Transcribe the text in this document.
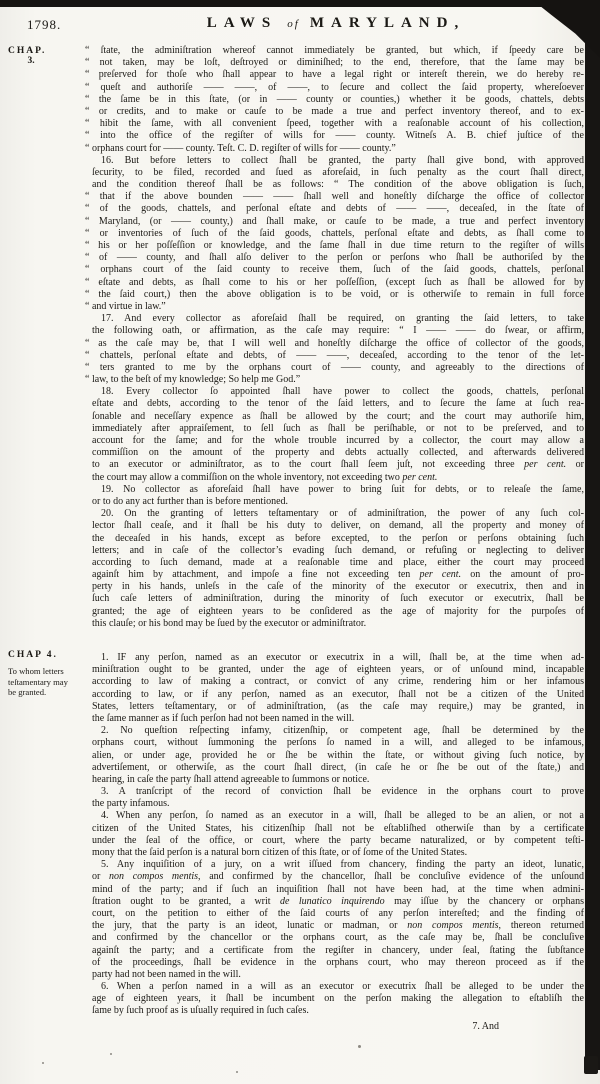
1798.	LAWS of MARYLAND,
CHAP.
3.
CHAP 4.
To whom letters teſtamentary may be granted.
“ ſtate, the adminiſtration whereof cannot immediately be granted, but which, if ſpeedy care be
“ not taken, may be loſt, deſtroyed or diminiſhed; to the end, therefore, that the ſame may be
“ preſerved for thoſe who ſhall appear to have a legal right or intereſt therein, we do hereby re-
“ queſt and authoriſe —— ——, of ——, to ſecure and collect the ſaid property, whereſoever
“ the ſame be in this ſtate, (or in —— county or counties,) whether it be goods, chattels, debts
“ or credits, and to make or cauſe to be made a true and perfect inventory thereof, and to ex-
“ hibit the ſame, with all convenient ſpeed, together with a reaſonable account of his collection,
“ into the office of the regiſter of wills for —— county. Witneſs A. B. chief juſtice of the
“ orphans court for —— county. Teſt. C. D. regiſter of wills for —— county.”
16. But before letters to collect ſhall be granted, the party ſhall give bond, with approved
ſecurity, to be filed, recorded and ſued as aforeſaid, in ſuch penalty as the court ſhall direct,
and the condition thereof ſhall be as follows: “ The condition of the above obligation is ſuch,
“ that if the above bounden —— —— ſhall well and honeſtly diſcharge the office of collector
“ of the goods, chattels, and perſonal eſtate and debts of —— ——, deceaſed, in the ſtate of
“ Maryland, (or —— county,) and ſhall make, or cauſe to be made, a true and perfect inventory
“ or inventories of ſuch of the ſaid goods, chattels, perſonal eſtate and debts, as ſhall come to
“ his or her poſſeſſion or knowledge, and the ſame ſhall in due time return to the regiſter of wills
“ of —— county, and ſhall alſo deliver to the perſon or perſons who ſhall be authoriſed by the
“ orphans court of the ſaid county to receive them, ſuch of the ſaid goods, chattels, perſonal
“ eſtate and debts, as ſhall come to his or her poſſeſſion, (except ſuch as ſhall be allowed for by
“ the ſaid court,) then the above obligation is to be void, or is otherwiſe to remain in full force
“ and virtue in law.”
17. And every collector as aforeſaid ſhall be required, on granting the ſaid letters, to take
the following oath, or affirmation, as the caſe may require: “ I —— —— do ſwear, or affirm,
“ as the caſe may be, that I will well and honeſtly diſcharge the office of collector of the goods,
“ chattels, perſonal eſtate and debts, of —— ——, deceaſed, according to the tenor of the let-
“ ters granted to me by the orphans court of —— county, and agreeably to the directions of
“ law, to the beſt of my knowledge; So help me God.”
18. Every collector ſo appointed ſhall have power to collect the goods, chattels, perſonal
eſtate and debts, according to the tenor of the ſaid letters, and to ſecure the ſame at ſuch rea-
ſonable and neceſſary expence as ſhall be allowed by the court; and the court may authoriſe him,
immediately after appraiſement, to ſell ſuch as ſhall be periſhable, or not to be preſerved, and to
account for the ſame; and for the whole trouble incurred by a collector, the court may allow a
commiſſion on the amount of the property and debts actually collected, and afterwards delivered
to an executor or adminiſtrator, as to the court ſhall ſeem juſt, not exceeding three per cent. or
the court may allow a commiſſion on the whole inventory, not exceeding two per cent.
19. No collector as aforeſaid ſhall have power to bring ſuit for debts, or to releaſe the ſame,
or to do any act further than is before mentioned.
20. On the granting of letters teſtamentary or of adminiſtration, the power of any ſuch col-
lector ſhall ceaſe, and it ſhall be his duty to deliver, on demand, all the property and money of
the deceaſed in his hands, except as before excepted, to the perſon or perſons obtaining ſuch
letters; and in caſe of the collector’s evading ſuch demand, or refuſing or neglecting to deliver
according to ſuch demand, made at a reaſonable time and place, either the court may proceed
againſt him by attachment, and impoſe a fine not exceeding ten per cent. on the amount of pro-
perty in his hands, unleſs in the caſe of the minority of the executor or executrix, then and in
ſuch caſe letters of adminiſtration, during the minority of ſuch executor or executrix, ſhall be
granted; the age of eighteen years to be conſidered as the age of majority for the purpoſes of
this clauſe; or his bond may be ſued by the executor or adminiſtrator.
1. IF any perſon, named as an executor or executrix in a will, ſhall be, at the time when ad-
miniſtration ought to be granted, under the age of eighteen years, or of unſound mind, incapable
according to law of making a contract, or convict of any crime, rendering him or her infamous
according to law, or if any perſon, named as an executor, ſhall not be a citizen of the United
States, letters teſtamentary, or of adminiſtration, (as the caſe may require,) may be granted, in
the ſame manner as if ſuch perſon had not been named in the will.
2. No queſtion reſpecting infamy, citizenſhip, or competent age, ſhall be determined by the
orphans court, without ſummoning the perſons ſo named in a will, and alleged to be infamous,
alien, or under age, provided he or ſhe be within the ſtate, or without giving ſuch notice, by
advertiſement, or otherwiſe, as the court ſhall direct, (in caſe he or ſhe be out of the ſtate,) and
hearing, in caſe the party ſhall attend agreeable to ſummons or notice.
3. A tranſcript of the record of conviction ſhall be evidence in the orphans court to prove
the party infamous.
4. When any perſon, ſo named as an executor in a will, ſhall be alleged to be an alien, or not a
citizen of the United States, his citizenſhip ſhall not be eſtabliſhed otherwiſe than by a certificate
under the ſeal of the office, or court, where the party became naturalized, or by competent teſti-
mony that the ſaid perſon is a natural born citizen of this ſtate, or of ſome of the United States.
5. Any inquiſition of a jury, on a writ iſſued from chancery, finding the party an ideot, lunatic,
or non compos mentis, and confirmed by the chancellor, ſhall be concluſive evidence of the unſound
mind of the party; and if ſuch an inquiſition ſhall not have been had, at the time when admini-
ſtration ought to be granted, a writ de lunatico inquirendo may iſſue by the chancery or orphans
court, on the petition to either of the ſaid courts of any perſon intereſted; and the finding of
the jury, that the party is an ideot, lunatic or madman, or non compos mentis, thereon returned
and confirmed by the chancellor or the orphans court, as the caſe may be, ſhall be concluſive
againſt the party; and a certificate from the regiſter in chancery, under ſeal, ſtating the ſubſtance
of the proceedings, ſhall be evidence in the orphans court, who may thereon proceed as if the
party had not been named in the will.
6. When a perſon named in a will as an executor or executrix ſhall be alleged to be under the
age of eighteen years, it ſhall be incumbent on the perſon making the allegation to eſtabliſh the
ſame by ſuch proof as is uſually required in ſuch caſes.
7. And
